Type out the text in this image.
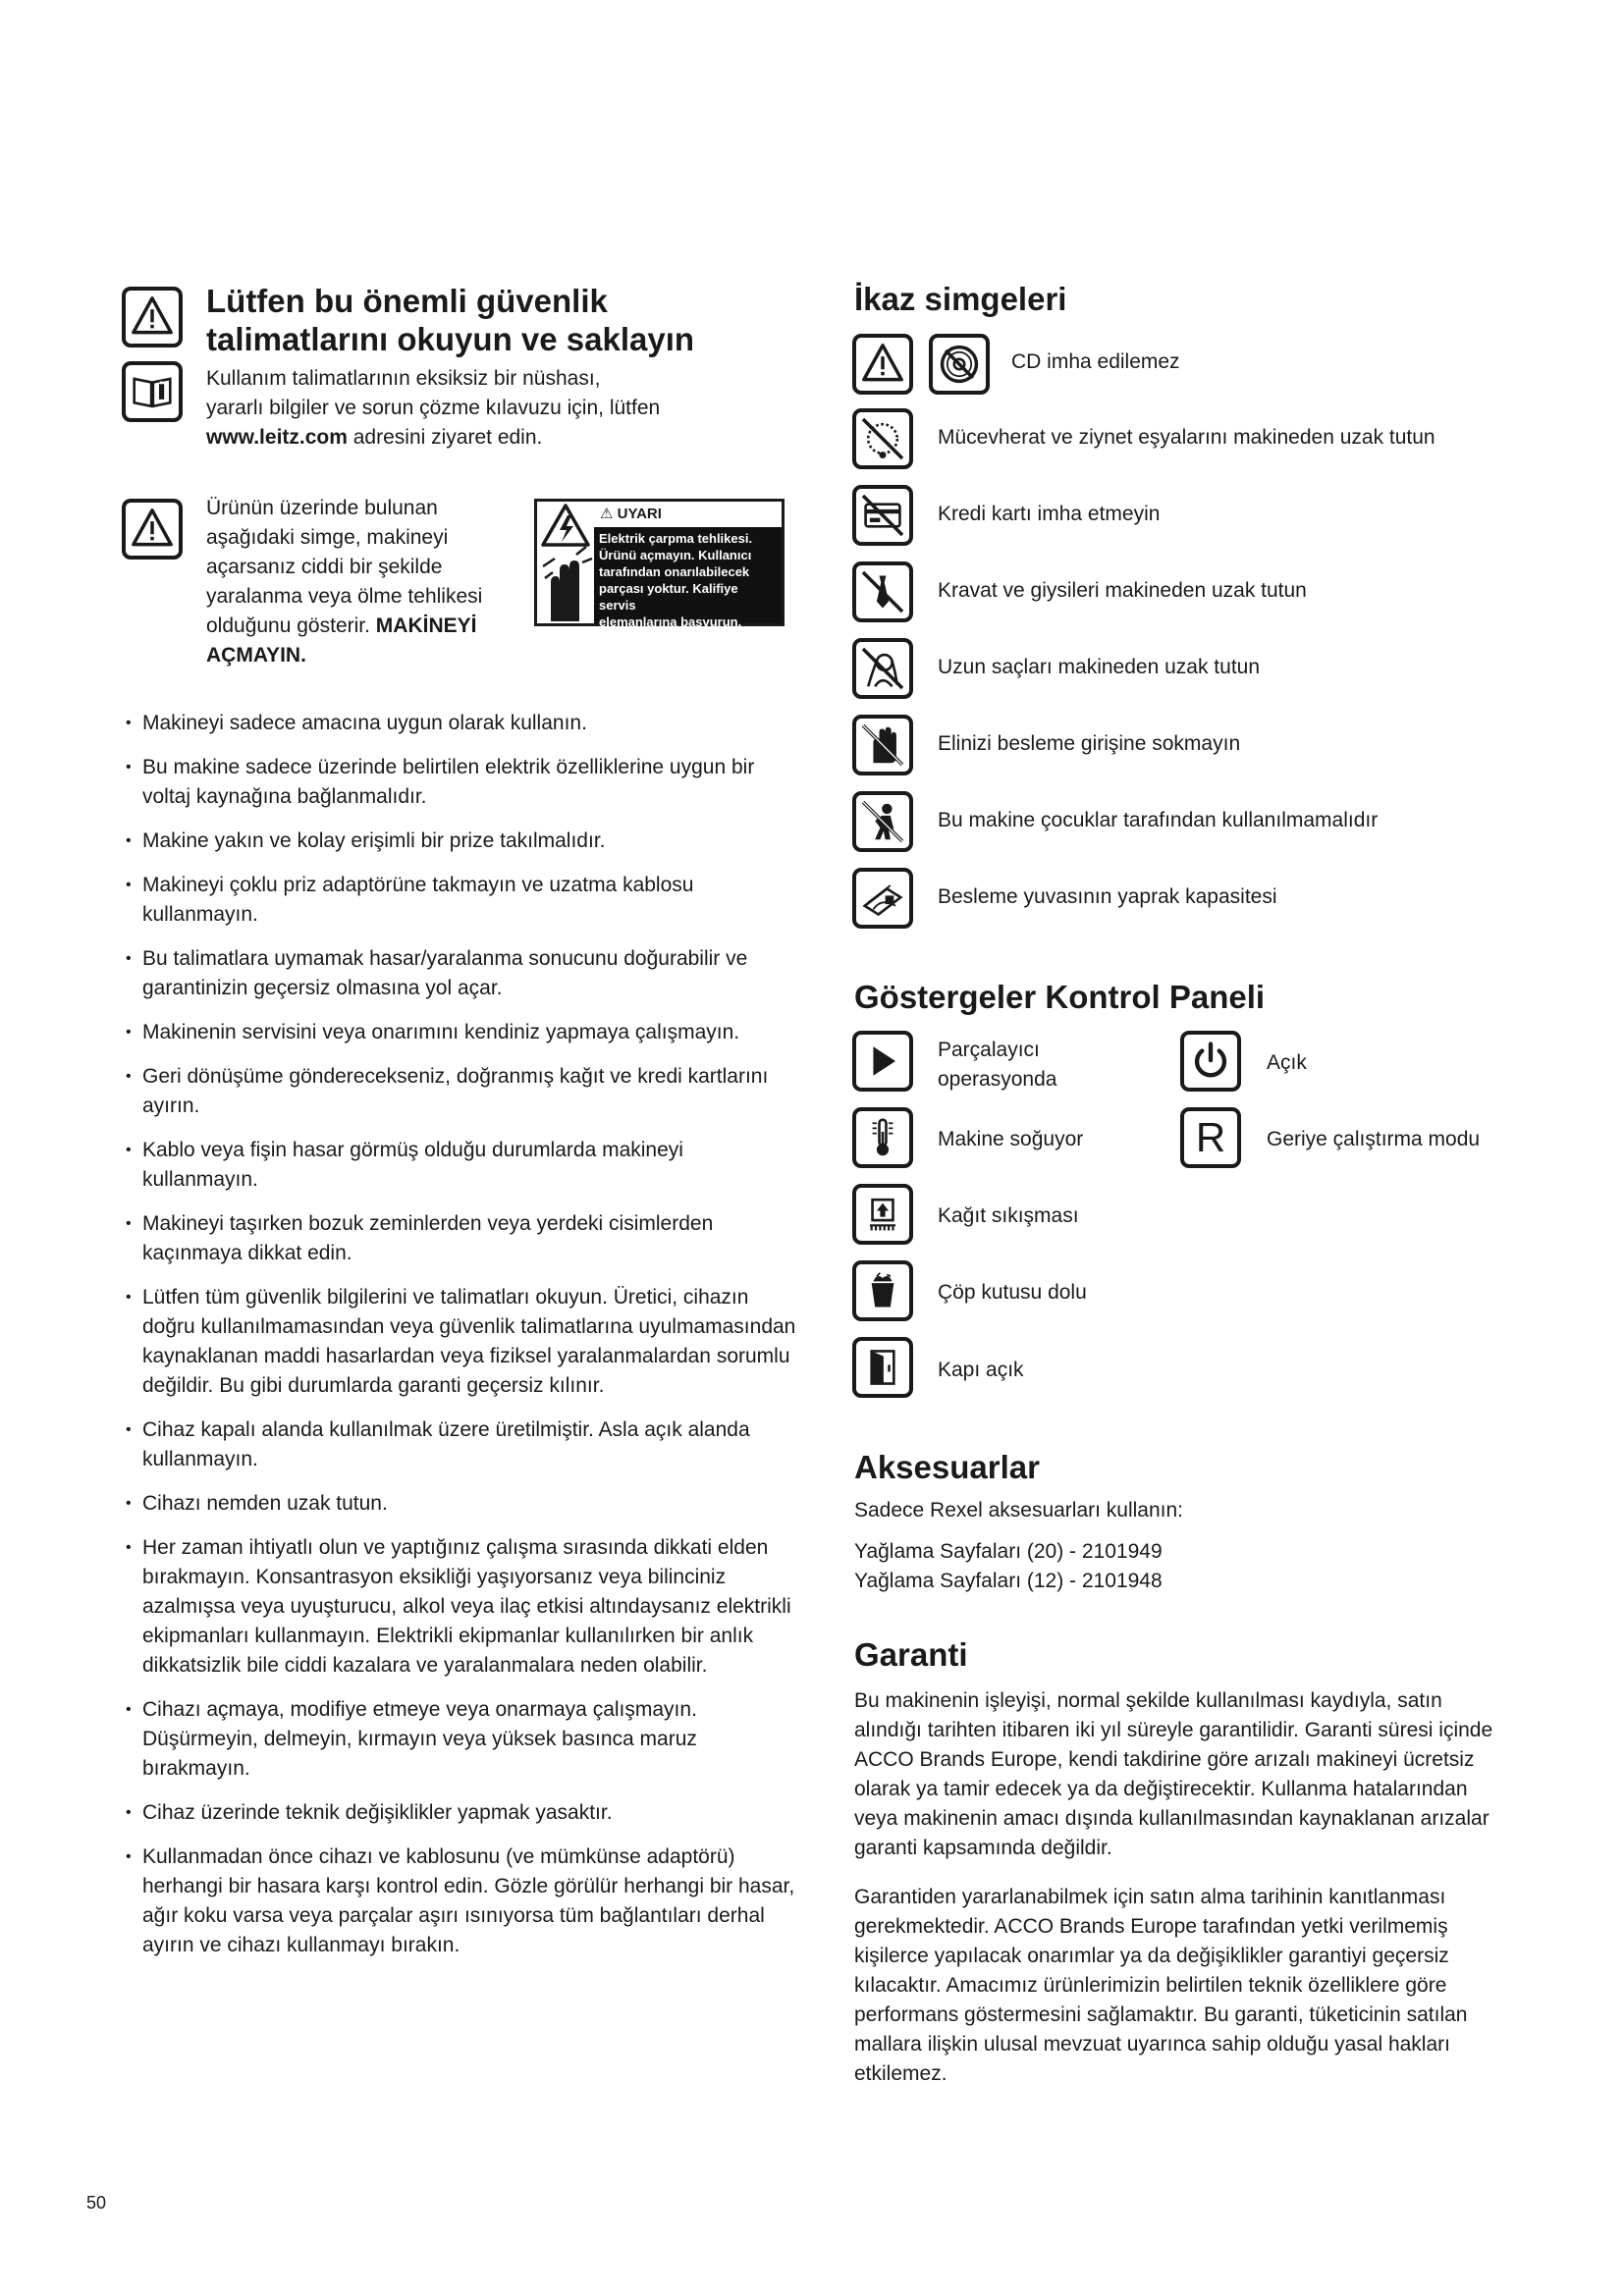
Lütfen bu önemli güvenlik
talimatlarını okuyun ve saklayın
Kullanım talimatlarının eksiksiz bir nüshası,
yararlı bilgiler ve sorun çözme kılavuzu için, lütfen
www.leitz.com adresini ziyaret edin.
Ürünün üzerinde bulunan
aşağıdaki simge, makineyi
açarsanız ciddi bir şekilde
yaralanma veya ölme tehlikesi
olduğunu gösterir. MAKİNEYİ
AÇMAYIN.
⚠ UYARI
Elektrik çarpma tehlikesi.
Ürünü açmayın. Kullanıcı
tarafından onarılabilecek
parçası yoktur. Kalifiye servis
elemanlarına başvurun.
• Makineyi sadece amacına uygun olarak kullanın.
• Bu makine sadece üzerinde belirtilen elektrik özelliklerine uygun bir voltaj kaynağına bağlanmalıdır.
• Makine yakın ve kolay erişimli bir prize takılmalıdır.
• Makineyi çoklu priz adaptörüne takmayın ve uzatma kablosu kullanmayın.
• Bu talimatlara uymamak hasar/yaralanma sonucunu doğurabilir ve garantinizin geçersiz olmasına yol açar.
• Makinenin servisini veya onarımını kendiniz yapmaya çalışmayın.
• Geri dönüşüme gönderecekseniz, doğranmış kağıt ve kredi kartlarını ayırın.
• Kablo veya fişin hasar görmüş olduğu durumlarda makineyi kullanmayın.
• Makineyi taşırken bozuk zeminlerden veya yerdeki cisimlerden kaçınmaya dikkat edin.
• Lütfen tüm güvenlik bilgilerini ve talimatları okuyun. Üretici, cihazın doğru kullanılmamasından veya güvenlik talimatlarına uyulmamasından kaynaklanan maddi hasarlardan veya fiziksel yaralanmalardan sorumlu değildir. Bu gibi durumlarda garanti geçersiz kılınır.
• Cihaz kapalı alanda kullanılmak üzere üretilmiştir. Asla açık alanda kullanmayın.
• Cihazı nemden uzak tutun.
• Her zaman ihtiyatlı olun ve yaptığınız çalışma sırasında dikkati elden bırakmayın. Konsantrasyon eksikliği yaşıyorsanız veya bilinciniz azalmışsa veya uyuşturucu, alkol veya ilaç etkisi altındaysanız elektrikli ekipmanları kullanmayın. Elektrikli ekipmanlar kullanılırken bir anlık dikkatsizlik bile ciddi kazalara ve yaralanmalara neden olabilir.
• Cihazı açmaya, modifiye etmeye veya onarmaya çalışmayın. Düşürmeyin, delmeyin, kırmayın veya yüksek basınca maruz bırakmayın.
• Cihaz üzerinde teknik değişiklikler yapmak yasaktır.
• Kullanmadan önce cihazı ve kablosunu (ve mümkünse adaptörü) herhangi bir hasara karşı kontrol edin. Gözle görülür herhangi bir hasar, ağır koku varsa veya parçalar aşırı ısınıyorsa tüm bağlantıları derhal ayırın ve cihazı kullanmayı bırakın.
50
İkaz simgeleri
CD imha edilemez
Mücevherat ve ziynet eşyalarını makineden uzak tutun
Kredi kartı imha etmeyin
Kravat ve giysileri makineden uzak tutun
Uzun saçları makineden uzak tutun
Elinizi besleme girişine sokmayın
Bu makine çocuklar tarafından kullanılmamalıdır
Besleme yuvasının yaprak kapasitesi
Göstergeler Kontrol Paneli
Parçalayıcı
operasyonda
Açık
Makine soğuyor	R	Geriye çalıştırma modu
Kağıt sıkışması
Çöp kutusu dolu
Kapı açık
Aksesuarlar
Sadece Rexel aksesuarları kullanın:
Yağlama Sayfaları (20) - 2101949
Yağlama Sayfaları (12) - 2101948
Garanti
Bu makinenin işleyişi, normal şekilde kullanılması kaydıyla, satın alındığı tarihten itibaren iki yıl süreyle garantilidir. Garanti süresi içinde ACCO Brands Europe, kendi takdirine göre arızalı makineyi ücretsiz olarak ya tamir edecek ya da değiştirecektir. Kullanma hatalarından veya makinenin amacı dışında kullanılmasından kaynaklanan arızalar garanti kapsamında değildir.
Garantiden yararlanabilmek için satın alma tarihinin kanıtlanması gerekmektedir. ACCO Brands Europe tarafından yetki verilmemiş kişilerce yapılacak onarımlar ya da değişiklikler garantiyi geçersiz kılacaktır. Amacımız ürünlerimizin belirtilen teknik özelliklere göre performans göstermesini sağlamaktır. Bu garanti, tüketicinin satılan mallara ilişkin ulusal mevzuat uyarınca sahip olduğu yasal hakları etkilemez.
